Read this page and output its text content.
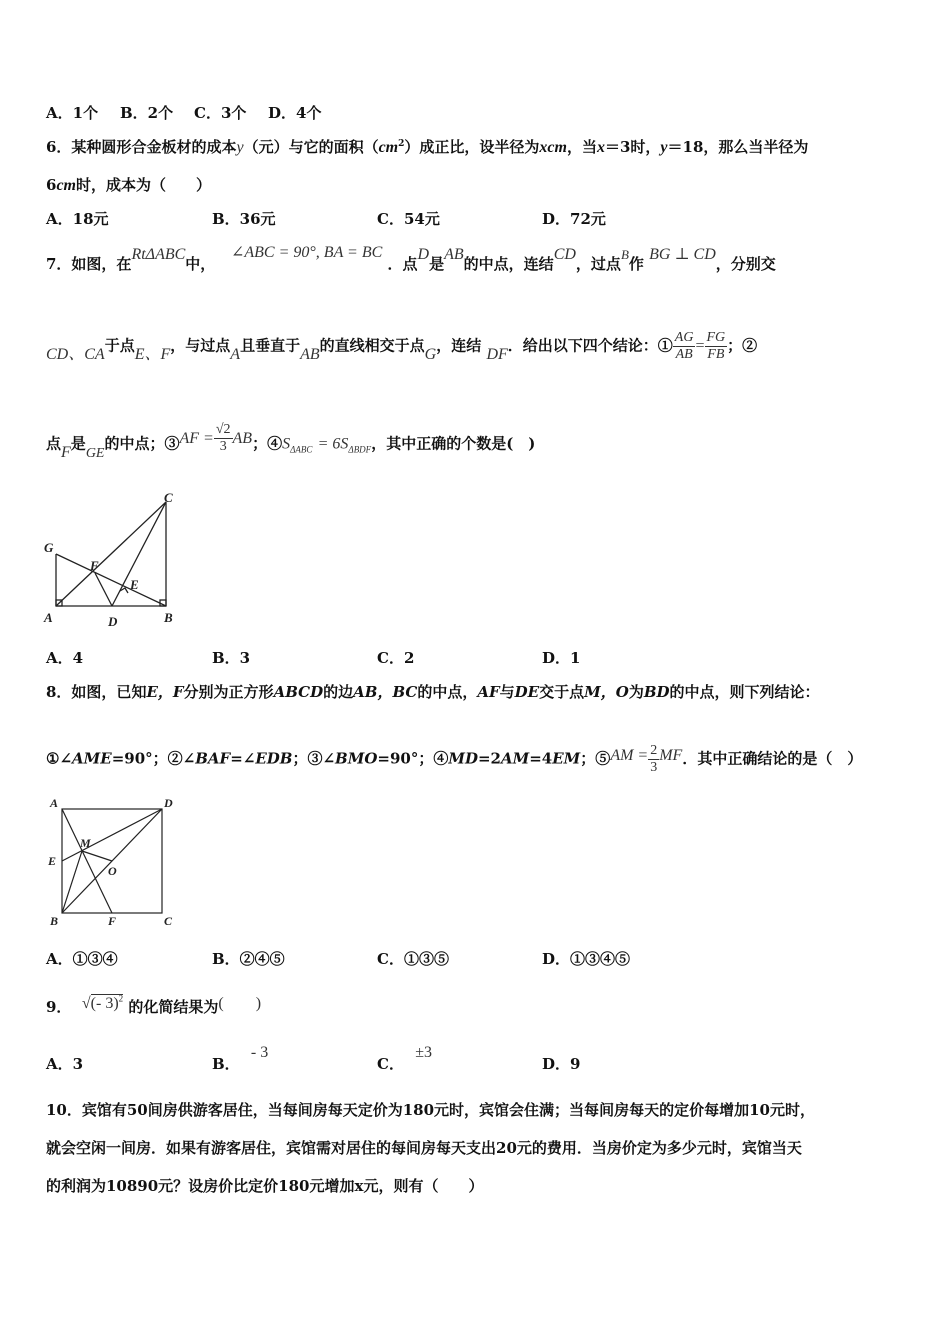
A．1个 B．2个 C．3个 D．4个
6．某种圆形合金板材的成本y（元）与它的面积$(cm^2)$成正比，设半径为xcm，当x＝3时，y＝18，那么当半径为
6cm时，成本为（　　）
A．18元	B．36元	C．54元	D．72元
7．如图，在RtΔABC中，   ∠ABC = 90°, BA = BC ．点D是AB的中点，连结CD，过点B作 BG ⊥ CD，分别交
CD、CA于点E、F，与过点A且垂直于AB的直线相交于点G，连结 DF．给出以下四个结论：① $\frac{AG}{AB} = \frac{FG}{FB}$ ；②
点F是GE的中点；③AF = $\frac{√2}{3}$ AB；$④S_{\Delta ABC} = 6S_{\Delta BDF}$，其中正确的个数是(　)
G
F
E
A	D	B
C
A．4	B．3	C．2	D．1
8．如图，已知E，F分别为正方形ABCD的边AB，BC的中点，AF与DE交于点M，O为BD的中点，则下列结论：
①∠AME=90°；②∠BAF=∠EDB；③∠BMO=90°；④MD=2AM=4EM；⑤AM = $\frac{2}{3}$ MF．其中正确结论的是（　）
A	D
M
E
O
B	F	C
A．①③④	B．②④⑤	C．①③⑤	D．①③④⑤
9． √(- 3)$^2$ 的化简结果为(　　)
A．3	B． - 3
C． ±3
D．9
10．宾馆有50间房供游客居住，当每间房每天定价为180元时，宾馆会住满；当每间房每天的定价每增加10元时，
就会空闲一间房．如果有游客居住，宾馆需对居住的每间房每天支出20元的费用．当房价定为多少元时，宾馆当天
的利润为10890元？设房价比定价180元增加x元，则有（　　）
